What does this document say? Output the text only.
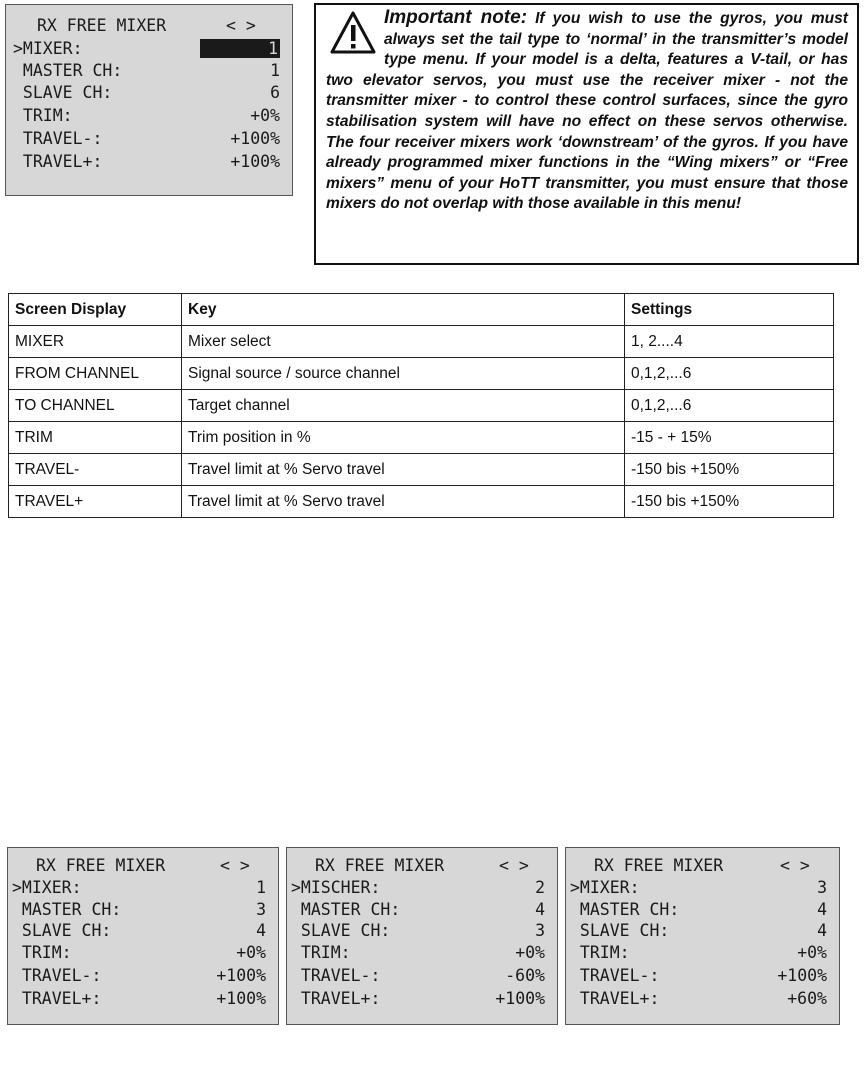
RX FREE MIXER

	< >

>MIXER:

	1

MASTER CH:

	1

SLAVE CH:

	6

TRIM:

	+0%

TRAVEL-:

	+100%

TRAVEL+:

	+100%

Important note: If you wish to use the gyros, you must always set the tail type to ‘normal’ in the transmitter’s model type menu. If your model is a delta, features a V-tail, or has two elevator servos, you must use the receiver mixer - not the transmitter mixer - to control these control surfaces, since the gyro stabilisation system will have no effect on these servos otherwise. The four receiver mixers work ‘downstream’ of the gyros. If you have already programmed mixer functions in the “Wing mixers” or “Free mixers” menu of your HoTT transmitter, you must ensure that those mixers do not overlap with those available in this menu!
Screen Display	Key	Settings
MIXER	Mixer select	1, 2....4
FROM CHANNEL	Signal source / source channel	0,1,2,...6
TO CHANNEL	Target channel	0,1,2,...6
TRIM	Trim position in %	-15 - + 15%
TRAVEL-	Travel limit at % Servo travel	-150 bis +150%
TRAVEL+	Travel limit at % Servo travel	-150 bis +150%

RX FREE MIXER

	< >

>MIXER:

	1

MASTER CH:

	3

SLAVE CH:

	4

TRIM:

	+0%

TRAVEL-:

	+100%

TRAVEL+:

	+100%

RX FREE MIXER

	< >

>MISCHER:

	2

MASTER CH:

	4

SLAVE CH:

	3

TRIM:

	+0%

TRAVEL-:

	-60%

TRAVEL+:

	+100%

RX FREE MIXER

	< >

>MIXER:

	3

MASTER CH:

	4

SLAVE CH:

	4

TRIM:

	+0%

TRAVEL-:

	+100%

TRAVEL+:

	+60%
